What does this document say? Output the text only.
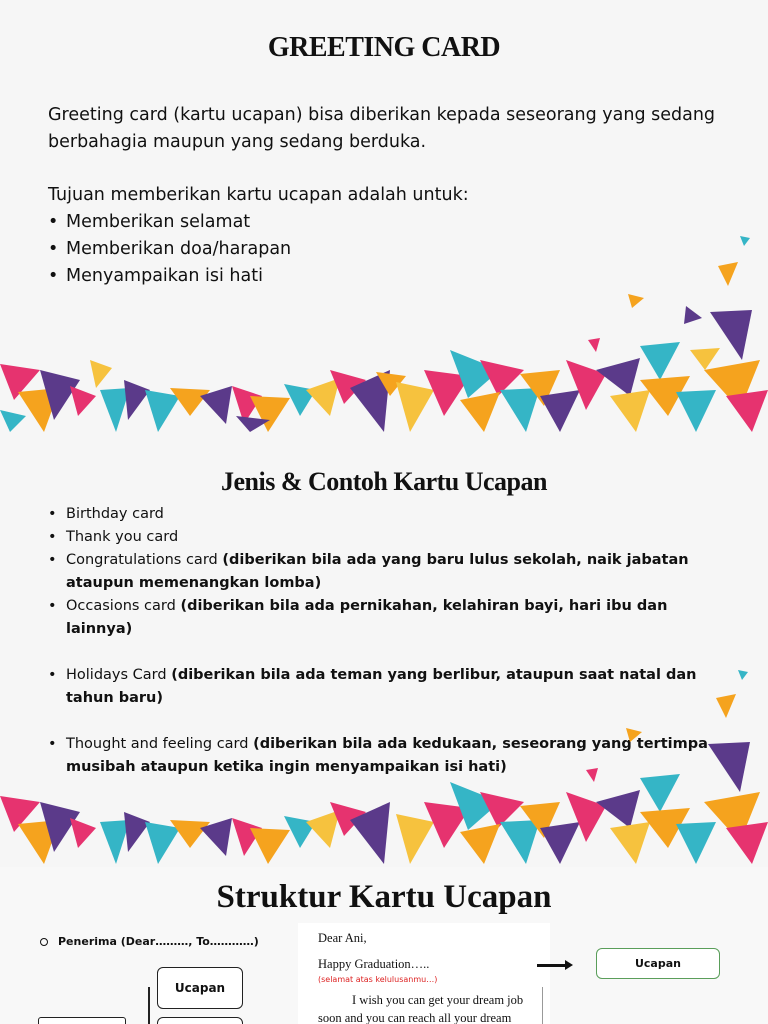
GREETING CARD

Greeting card (kartu ucapan) bisa diberikan kepada seseorang yang sedang berbahagia maupun yang sedang berduka.

Tujuan memberikan kartu ucapan adalah untuk:

• Memberikan selamat
• Memberikan doa/harapan
• Menyampaikan isi hati
Jenis & Contoh Kartu Ucapan
• Birthday card
• Thank you card
• Congratulations card (diberikan bila ada yang baru lulus sekolah, naik jabatan ataupun memenangkan lomba)
• Occasions card (diberikan bila ada pernikahan, kelahiran bayi, hari ibu dan lainnya)
• Holidays Card (diberikan bila ada teman yang berlibur, ataupun saat natal dan tahun baru)
• Thought and feeling card (diberikan bila ada kedukaan, seseorang yang tertimpa musibah ataupun ketika ingin menyampaikan isi hati)
Struktur Kartu Ucapan
Penerima (Dear………, To…………)
Ucapan
Dear Ani,
Happy Graduation…..
(selamat atas kelulusanmu…)
I wish you can get your dream job
soon and you can reach all your dream
Ucapan
